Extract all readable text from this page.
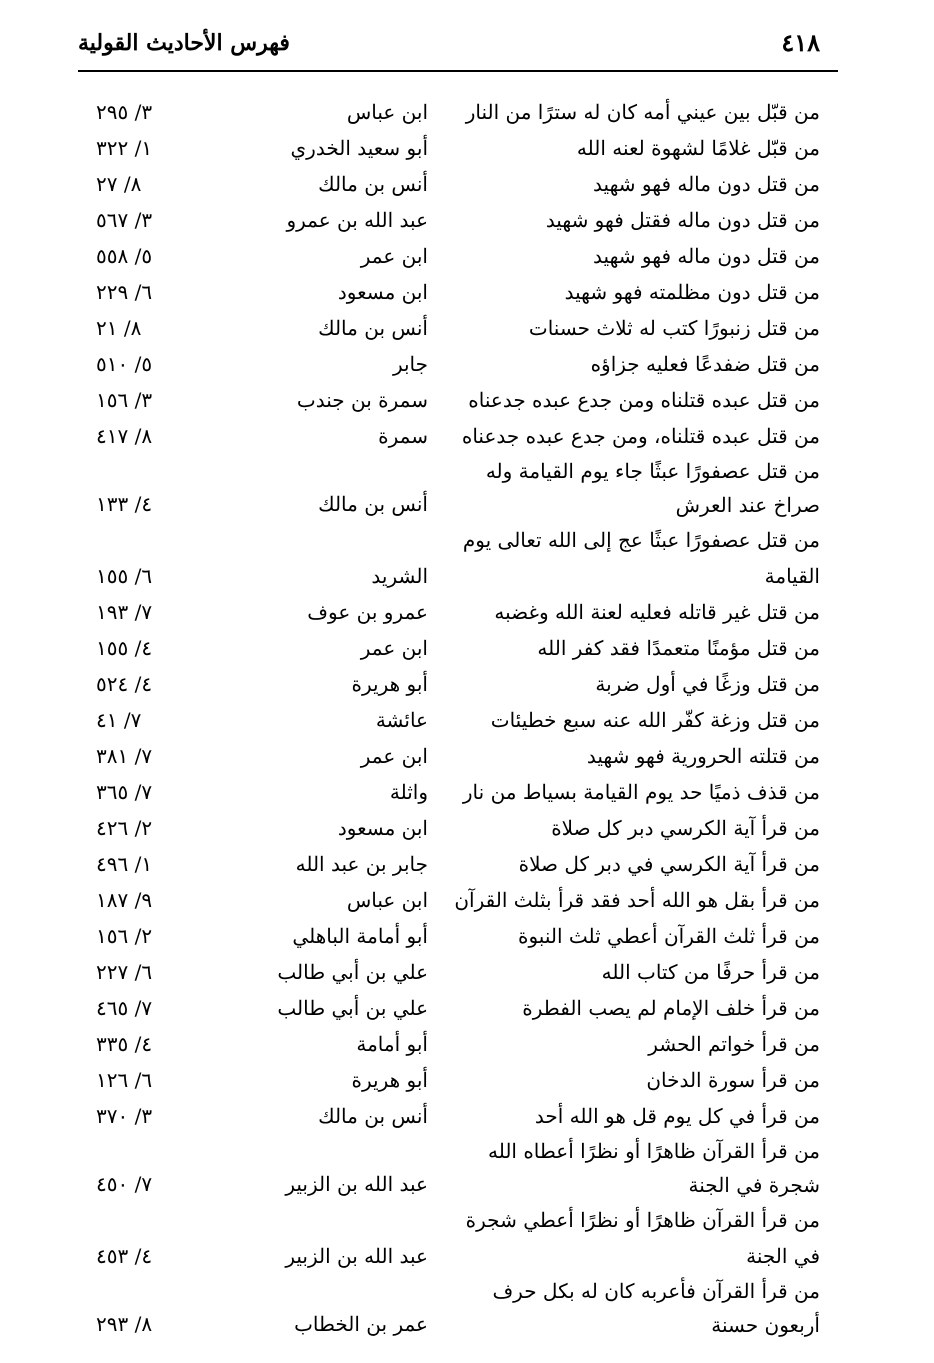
٤١٨
فهرس الأحاديث القولية
من قبّل بين عيني أمه كان له سترًا من النار
ابن عباس
٣/ ٢٩٥
من قبّل غلامًا لشهوة لعنه الله
أبو سعيد الخدري
١/ ٣٢٢
من قتل دون ماله فهو شهيد
أنس بن مالك
٨/ ٢٧
من قتل دون ماله فقتل فهو شهيد
عبد الله بن عمرو
٣/ ٥٦٧
من قتل دون ماله فهو شهيد
ابن عمر
٥/ ٥٥٨
من قتل دون مظلمته فهو شهيد
ابن مسعود
٦/ ٢٢٩
من قتل زنبورًا كتب له ثلاث حسنات
أنس بن مالك
٨/ ٢١
من قتل ضفدعًا فعليه جزاؤه
جابر
٥/ ٥١٠
من قتل عبده قتلناه ومن جدع عبده جدعناه
سمرة بن جندب
٣/ ١٥٦
من قتل عبده قتلناه، ومن جدع عبده جدعناه
سمرة
٨/ ٤١٧
من قتل عصفورًا عبثًا جاء يوم القيامة وله صراخ عند العرش
أنس بن مالك
٤/ ١٣٣
من قتل عصفورًا عبثًا عج إلى الله تعالى يوم القيامة
الشريد
٦/ ١٥٥
من قتل غير قاتله فعليه لعنة الله وغضبه
عمرو بن عوف
٧/ ١٩٣
من قتل مؤمنًا متعمدًا فقد كفر الله
ابن عمر
٤/ ١٥٥
من قتل وزغًا في أول ضربة
أبو هريرة
٤/ ٥٢٤
من قتل وزغة كفّر الله عنه سبع خطيئات
عائشة
٧/ ٤١
من قتلته الحرورية فهو شهيد
ابن عمر
٧/ ٣٨١
من قذف ذميًا حد يوم القيامة بسياط من نار
واثلة
٧/ ٣٦٥
من قرأ آية الكرسي دبر كل صلاة
ابن مسعود
٢/ ٤٢٦
من قرأ آية الكرسي في دبر كل صلاة
جابر بن عبد الله
١/ ٤٩٦
من قرأ بقل هو الله أحد فقد قرأ بثلث القرآن
ابن عباس
٩/ ١٨٧
من قرأ ثلث القرآن أعطي ثلث النبوة
أبو أمامة الباهلي
٢/ ١٥٦
من قرأ حرفًا من كتاب الله
علي بن أبي طالب
٦/ ٢٢٧
من قرأ خلف الإمام لم يصب الفطرة
علي بن أبي طالب
٧/ ٤٦٥
من قرأ خواتم الحشر
أبو أمامة
٤/ ٣٣٥
من قرأ سورة الدخان
أبو هريرة
٦/ ١٢٦
من قرأ في كل يوم قل هو الله أحد
أنس بن مالك
٣/ ٣٧٠
من قرأ القرآن ظاهرًا أو نظرًا أعطاه الله شجرة في الجنة
عبد الله بن الزبير
٧/ ٤٥٠
من قرأ القرآن ظاهرًا أو نظرًا أعطي شجرة في الجنة
عبد الله بن الزبير
٤/ ٤٥٣
من قرأ القرآن فأعربه كان له بكل حرف أربعون حسنة
عمر بن الخطاب
٨/ ٢٩٣
